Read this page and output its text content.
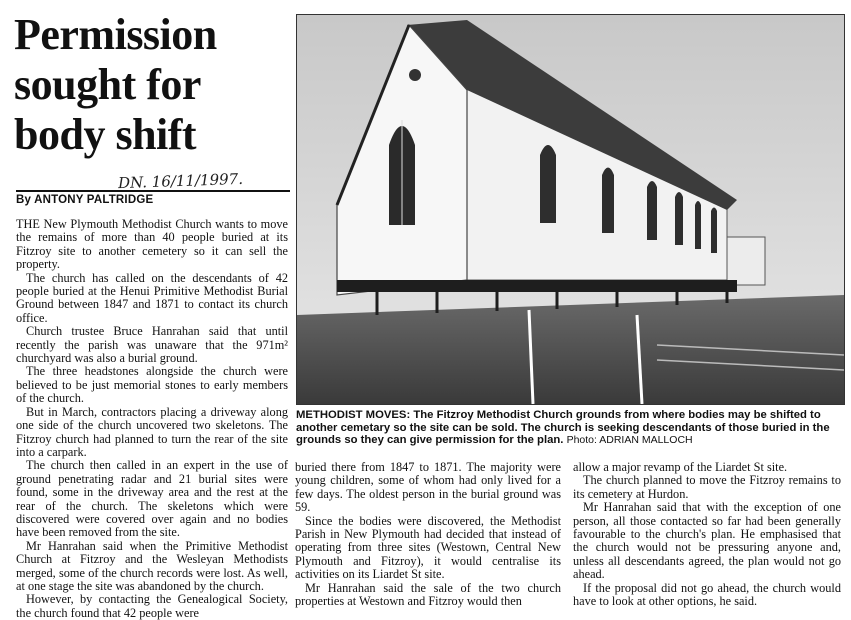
Permission
sought for
body shift
DN. 16/11/1997.
By ANTONY PALTRIDGE

THE New Plymouth Methodist Church wants to move the remains of more than 40 people buried at its Fitzroy site to another cemetery so it can sell the property.

The church has called on the descendants of 42 people buried at the Henui Primitive Methodist Burial Ground between 1847 and 1871 to contact its church office.

Church trustee Bruce Hanrahan said that until recently the parish was unaware that the 971m² churchyard was also a burial ground.

The three headstones alongside the church were believed to be just memorial stones to early members of the church.

But in March, contractors placing a driveway along one side of the church uncovered two skeletons. The Fitzroy church had planned to turn the rear of the site into a carpark.

The church then called in an expert in the use of ground penetrating radar and 21 burial sites were found, some in the driveway area and the rest at the rear of the church. The skeletons which were discovered were covered over again and no bodies have been removed from the site.

Mr Hanrahan said when the Primitive Methodist Church at Fitzroy and the Wesleyan Methodists merged, some of the church records were lost. As well, at one stage the site was abandoned by the church.

However, by contacting the Genealogical Society, the church found that 42 people were

METHODIST MOVES: The Fitzroy Methodist Church grounds from where bodies may be shifted to another cemetary so the site can be sold. The church is seeking descendants of those buried in the grounds so they can give permission for the plan. Photo: ADRIAN MALLOCH

buried there from 1847 to 1871. The majority were young children, some of whom had only lived for a few days. The oldest person in the burial ground was 59.

Since the bodies were discovered, the Methodist Parish in New Plymouth had decided that instead of operating from three sites (Westown, Central New Plymouth and Fitzroy), it would centralise its activities on its Liardet St site.

Mr Hanrahan said the sale of the two church properties at Westown and Fitzroy would then

allow a major revamp of the Liardet St site.

The church planned to move the Fitzroy remains to its cemetery at Hurdon.

Mr Hanrahan said that with the exception of one person, all those contacted so far had been generally favourable to the church's plan. He emphasised that the church would not be pressuring anyone and, unless all descendants agreed, the plan would not go ahead.

If the proposal did not go ahead, the church would have to look at other options, he said.
